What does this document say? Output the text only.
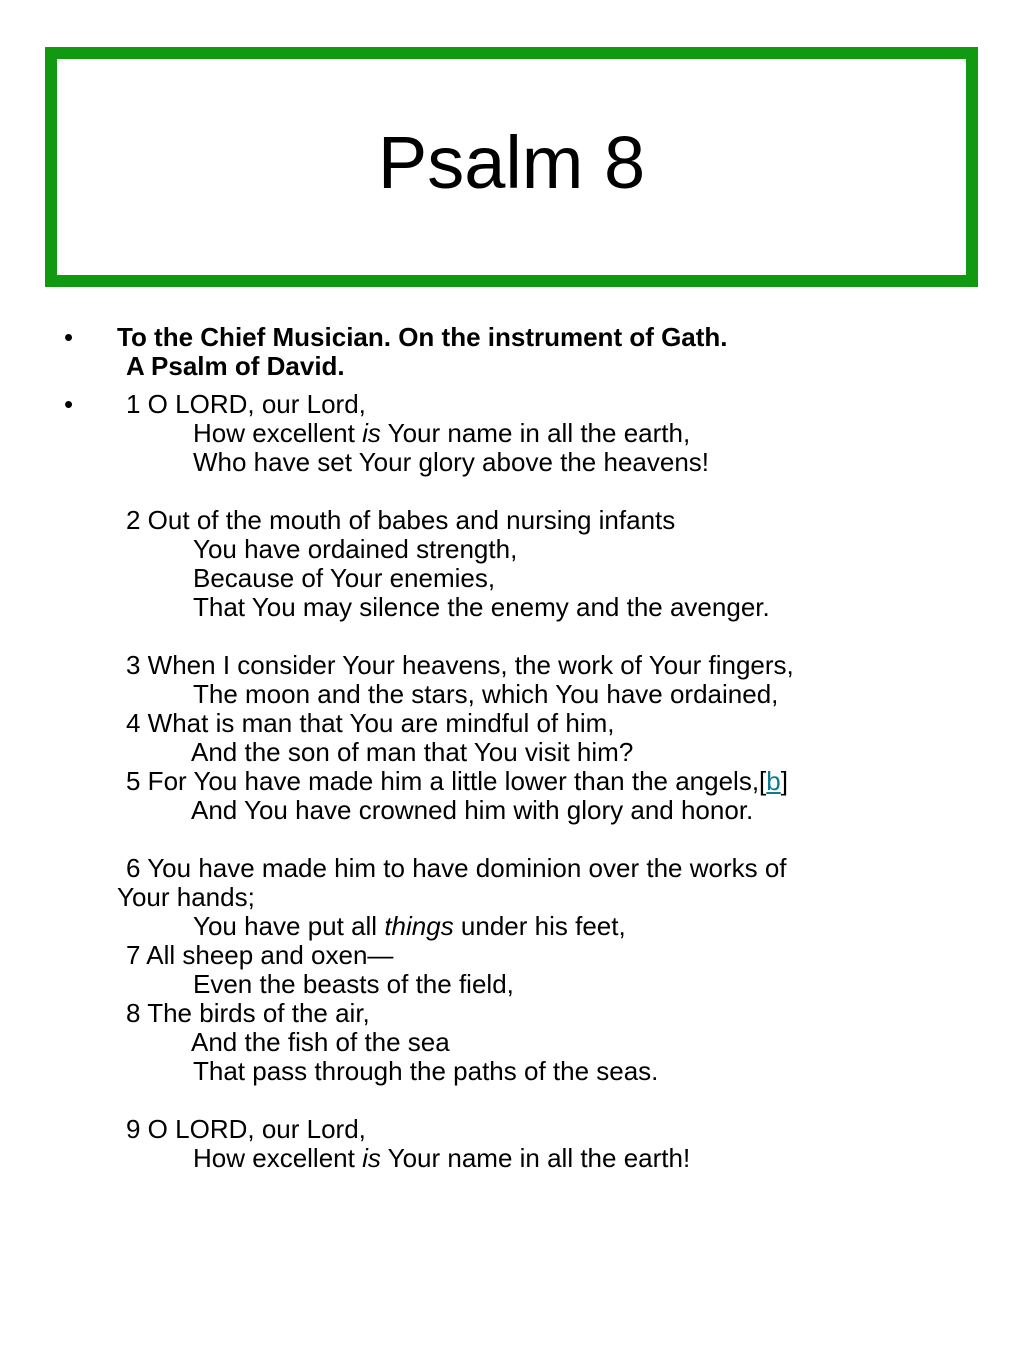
Psalm 8
• To the Chief Musician. On the instrument of Gath.
A Psalm of David.
• 1 O LORD, our Lord,
How excellent is Your name in all the earth,
Who have set Your glory above the heavens!
2 Out of the mouth of babes and nursing infants
You have ordained strength,
Because of Your enemies,
That You may silence the enemy and the avenger.
3 When I consider Your heavens, the work of Your fingers,
The moon and the stars, which You have ordained,
4 What is man that You are mindful of him,
And the son of man that You visit him?
5 For You have made him a little lower than the angels,[b]
And You have crowned him with glory and honor.
6 You have made him to have dominion over the works of
Your hands;
You have put all things under his feet,
7 All sheep and oxen—
Even the beasts of the field,
8 The birds of the air,
And the fish of the sea
That pass through the paths of the seas.
9 O LORD, our Lord,
How excellent is Your name in all the earth!
